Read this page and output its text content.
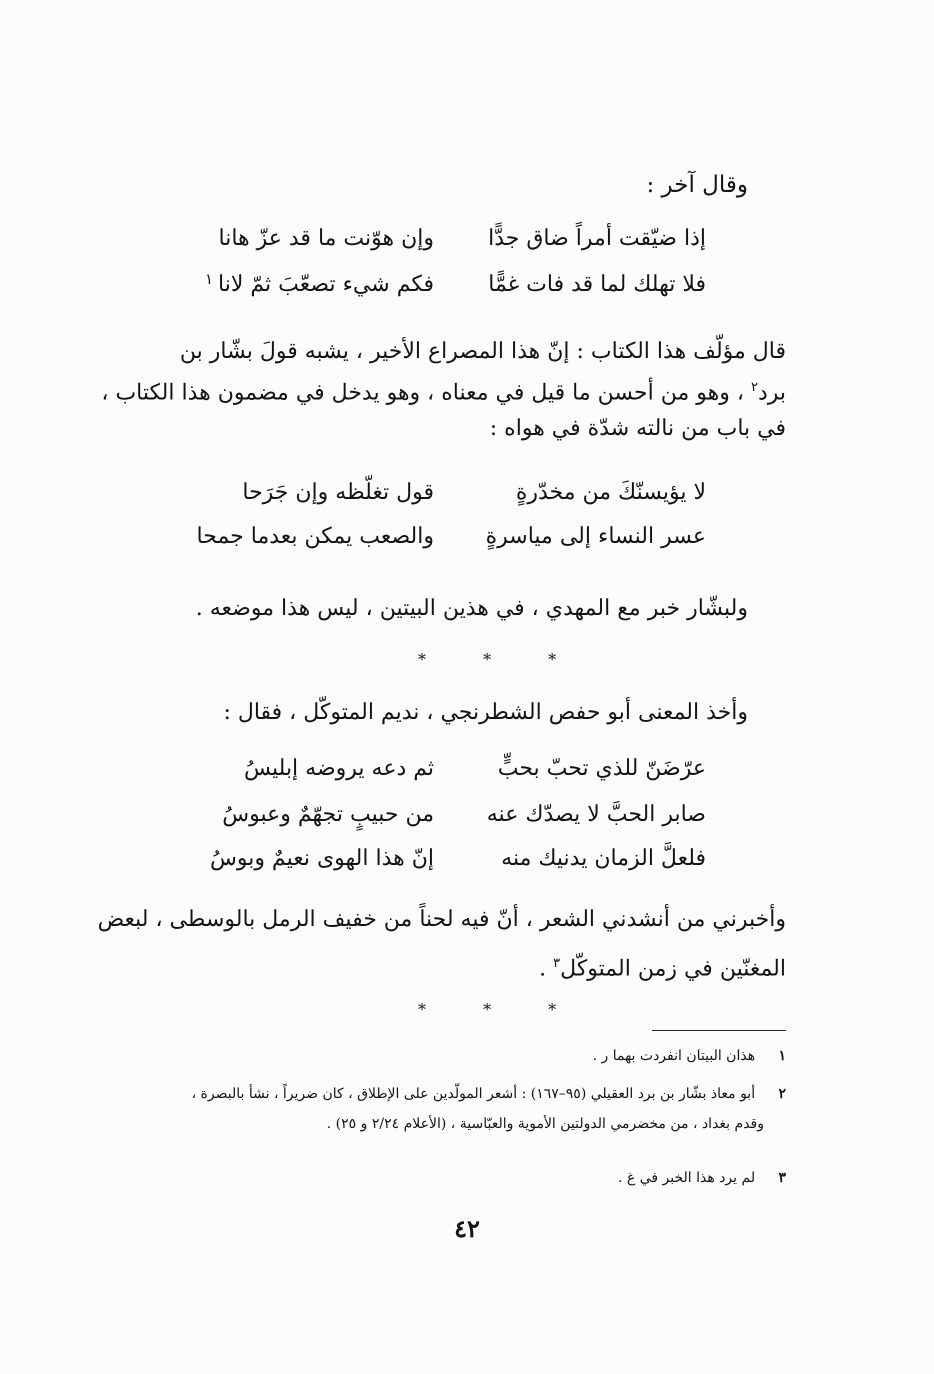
وقال آخر :
إذا ضيّقت أمراً ضاق جدًّا
وإن هوّنت ما قد عزّ هانا
فلا تهلك لما قد فات غمًّا
فكم شيء تصعّبَ ثمّ لانا
١

قال مؤلّف هذا الكتاب : إنّ هذا المصراع الأخير ، يشبه قولَ بشّار بن

برد$^٢$ ، وهو من أحسن ما قيل في معناه ، وهو يدخل في مضمون هذا الكتاب ،

في باب من نالته شدّة في هواه :

لا يؤيسنّكَ من مخدّرةٍ
قول تغلّظه وإن جَرَحا
عسر النساء إلى مياسرةٍ
والصعب يمكن بعدما جمحا
ولبشّار خبر مع المهدي ، في هذين البيتين ، ليس هذا موضعه .
* * *
وأخذ المعنى أبو حفص الشطرنجي ، نديم المتوكّل ، فقال :
عرّضَنّ للذي تحبّ بحبٍّ
ثم دعه يروضه إبليسُ
صابر الحبَّ لا يصدّك عنه
من حبيبٍ تجهّمٌ وعبوسُ
فلعلَّ الزمان يدنيك منه
إنّ هذا الهوى نعيمٌ وبوسُ

وأخبرني من أنشدني الشعر ، أنّ فيه لحناً من خفيف الرمل بالوسطى ، لبعض

المغنّين في زمن المتوكّل$^٣$ .

* * *
١  هذان البيتان انفردت بهما ر .
٢  أبو معاذ بشّار بن برد العقيلي (٩٥–١٦٧) : أشعر المولّدين على الإطلاق ، كان ضريراً ، نشأ بالبصرة ،
وقدم بغداد ، من مخضرمي الدولتين الأموية والعبّاسية ، (الأعلام ٢/٢٤ و ٢٥) .
٣  لم يرد هذا الخبر في غ .
٤٢
